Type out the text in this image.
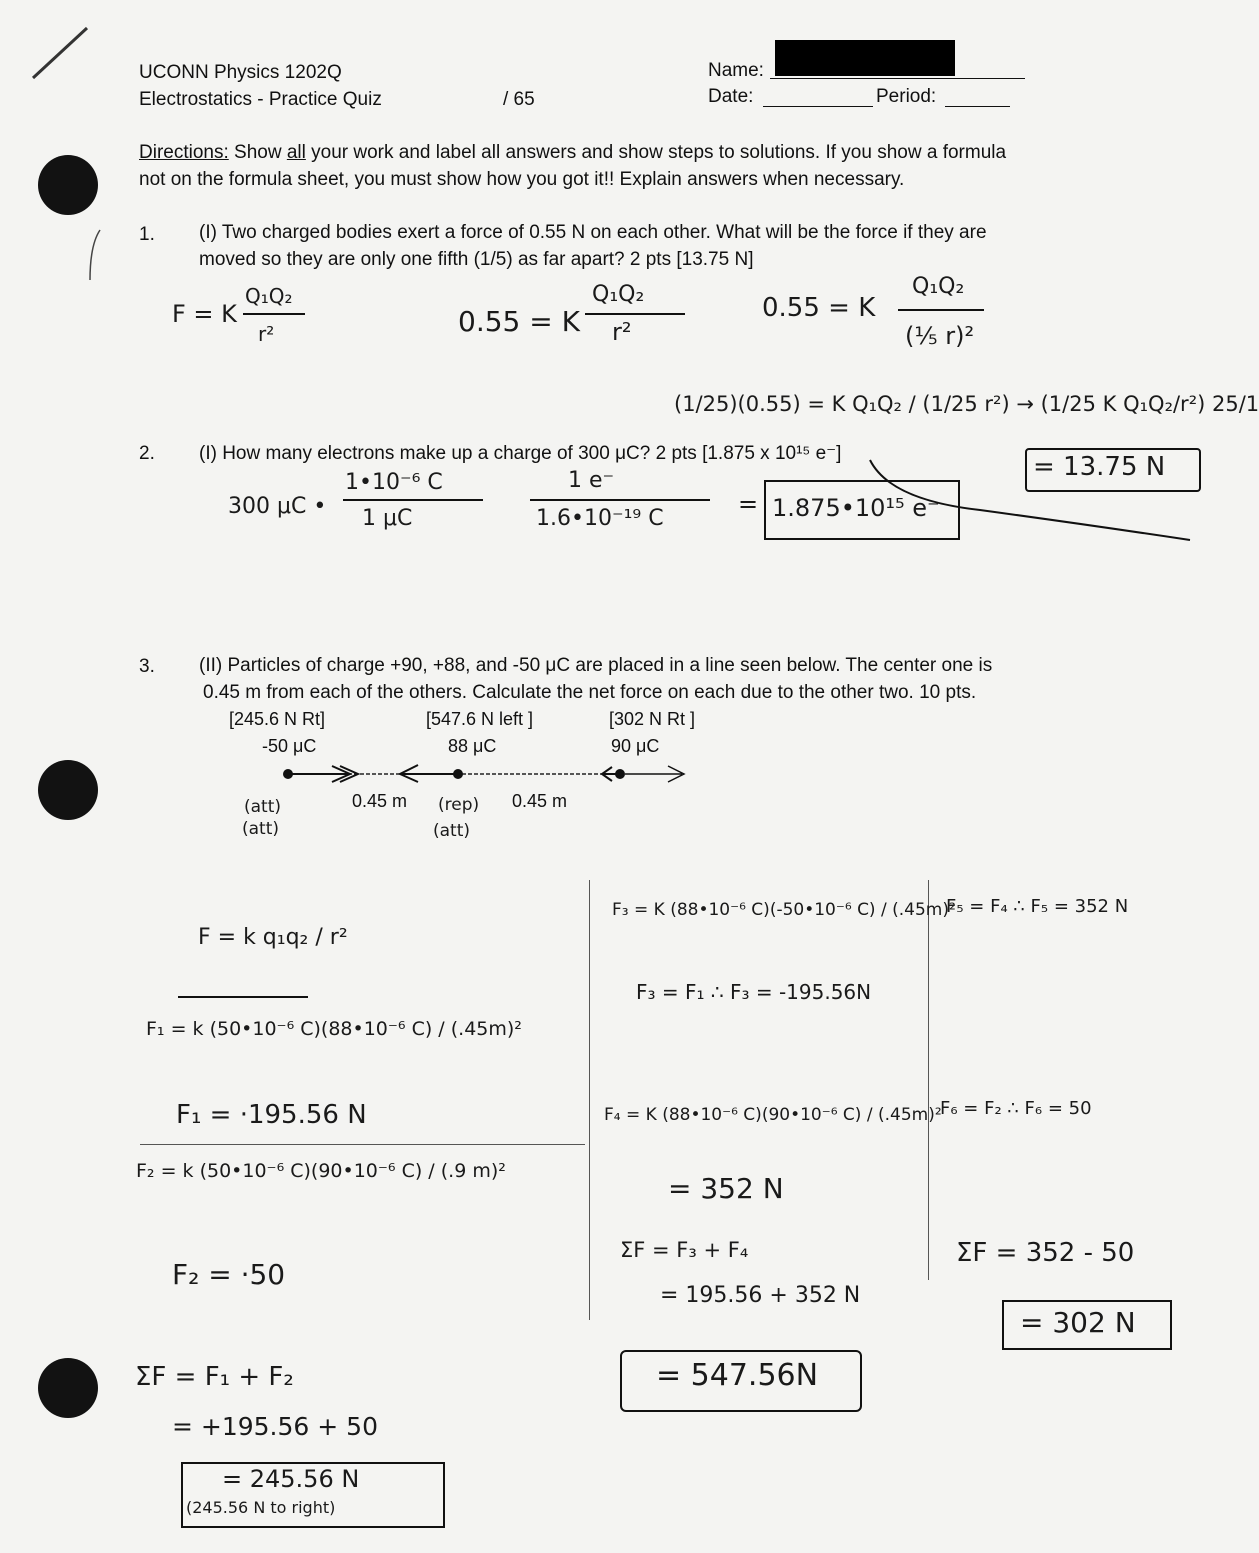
UCONN Physics 1202Q
Electrostatics - Practice Quiz	/ 65
Name:
Date:	Period:
Directions: Show all your work and label all answers and show steps to solutions. If you show a formula
not on the formula sheet, you must show how you got it!! Explain answers when necessary.
1. (I) Two charged bodies exert a force of 0.55 N on each other. What will be the force if they are
moved so they are only one fifth (1/5) as far apart? 2 pts [13.75 N]
F = K
Q₁Q₂
r²	0.55 = K
Q₁Q₂
r²
0.55 = K
Q₁Q₂
(⅕ r)²
(1/25)(0.55) = K Q₁Q₂ / (1/25 r²) → (1/25 K Q₁Q₂/r²) 25/1
= 13.75 N
2. (I) How many electrons make up a charge of 300 μC? 2 pts [1.875 x 10¹⁵ e⁻]
300 μC •
1•10⁻⁶ C
1 μC
1 e⁻
1.6•10⁻¹⁹ C
= 1.875•10¹⁵ e⁻
3. (II) Particles of charge +90, +88, and -50 μC are placed in a line seen below. The center one is
0.45 m from each of the others. Calculate the net force on each due to the other two. 10 pts.
[245.6 N Rt]	[547.6 N left ]	[302 N Rt ]
-50 μC	88 μC	90 μC
(att)
(att)
0.45 m (rep)
(att)
0.45 m
F = k q₁q₂ / r²
F₁ = k (50•10⁻⁶ C)(88•10⁻⁶ C) / (.45m)²
F₁ = ·195.56 N
F₂ = k (50•10⁻⁶ C)(90•10⁻⁶ C) / (.9 m)²
F₂ = ·50
ΣF = F₁ + F₂
= +195.56 + 50
= 245.56 N
(245.56 N to right)
F₃ = K (88•10⁻⁶ C)(-50•10⁻⁶ C) / (.45m)²
F₃ = F₁ ∴ F₃ = -195.56N
F₄ = K (88•10⁻⁶ C)(90•10⁻⁶ C) / (.45m)²
= 352 N
ΣF = F₃ + F₄
= 195.56 + 352 N
= 547.56N
F₅ = F₄ ∴ F₅ = 352 N
F₆ = F₂ ∴ F₆ = 50
ΣF = 352 - 50
= 302 N
